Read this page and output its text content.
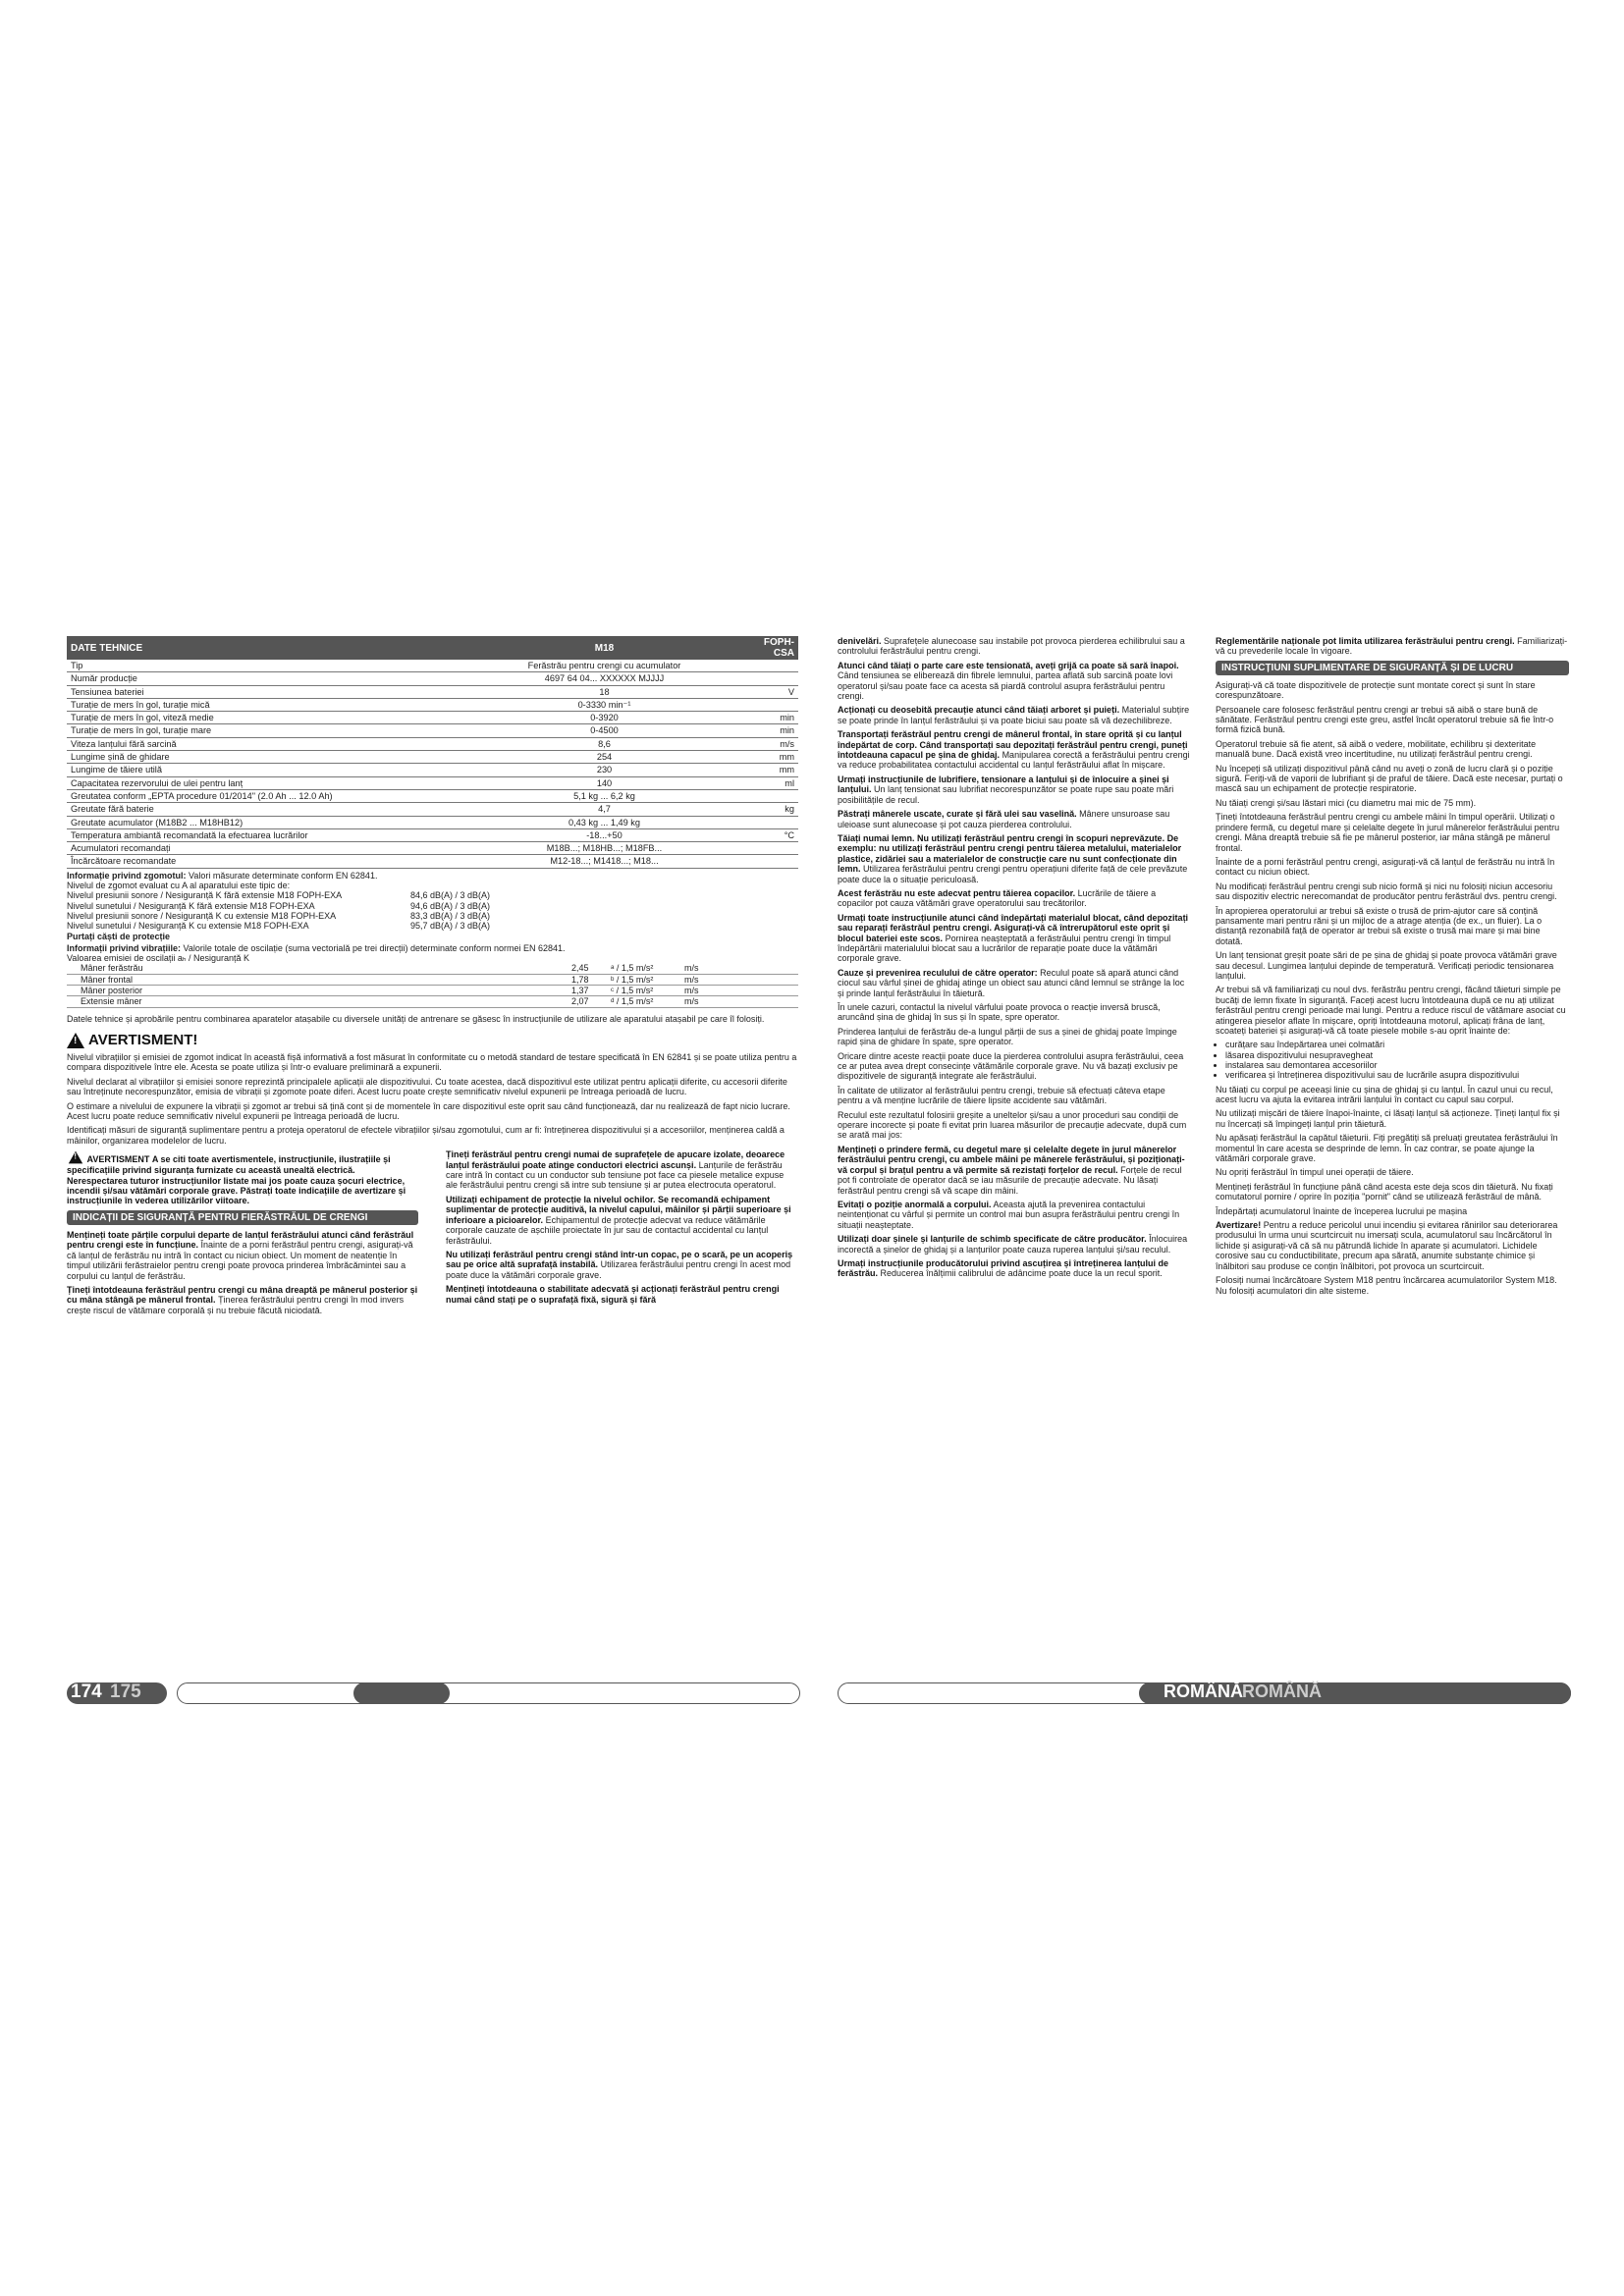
DATE TEHNICE	M18	FOPH-CSA
Tip	Ferăstrău pentru crengi cu acumulator	
Număr producție	4697 64 04... XXXXXX MJJJJ	
Tensiunea bateriei	18	V
Turație de mers în gol, turație mică	0-3330 min⁻¹	
Turație de mers în gol, viteză medie	0-3920	min
Turație de mers în gol, turație mare	0-4500	min
Viteza lanțului fără sarcină	8,6	m/s
Lungime șină de ghidare	254	mm
Lungime de tăiere utilă	230	mm
Capacitatea rezervorului de ulei pentru lanț	140	ml
Greutatea conform „EPTA procedure 01/2014" (2.0 Ah ... 12.0 Ah)	5,1 kg ... 6,2 kg	
Greutate fără baterie	4,7	kg
Greutate acumulator (M18B2 ... M18HB12)	0,43 kg ... 1,49 kg	
Temperatura ambiantă recomandată la efectuarea lucrărilor	-18...+50	°C
Acumulatori recomandați	M18B...; M18HB...; M18FB...	
Încărcătoare recomandate	M12-18...; M1418...; M18...	
Informație privind zgomotul: Valori măsurate determinate conform EN 62841.
Nivelul de zgomot evaluat cu A al aparatului este tipic de:
Nivelul presiunii sonore / Nesiguranță K fără extensie M18 FOPH-EXA	84,6 dB(A) / 3 dB(A)
Nivelul sunetului / Nesiguranță K fără extensie M18 FOPH-EXA	94,6 dB(A) / 3 dB(A)
Nivelul presiunii sonore / Nesiguranță K cu extensie M18 FOPH-EXA	83,3 dB(A) / 3 dB(A)
Nivelul sunetului / Nesiguranță K cu extensie M18 FOPH-EXA	95,7 dB(A) / 3 dB(A)
Purtați căști de protecție
Informații privind vibrațiile: Valorile totale de oscilație (suma vectorială pe trei direcții) determinate conform normei EN 62841.
Valoarea emisiei de oscilații aₕ / Nesiguranță K
Mâner ferăstrău	2,45	ᵃ / 1,5 m/s²	m/s
Mâner frontal	1,78	ᵇ / 1,5 m/s²	m/s
Mâner posterior	1,37	ᶜ / 1,5 m/s²	m/s
Extensie mâner	2,07	ᵈ / 1,5 m/s²	m/s

Datele tehnice și aprobările pentru combinarea aparatelor atașabile cu diversele unități de antrenare se găsesc în instrucțiunile de utilizare ale aparatului atașabil pe care îl folosiți.

!
AVERTISMENT!

Nivelul vibrațiilor și emisiei de zgomot indicat în această fișă informativă a fost măsurat în conformitate cu o metodă standard de testare specificată în EN 62841 și se poate utiliza pentru a compara dispozitivele între ele. Acesta se poate utiliza și într-o evaluare preliminară a expunerii.

Nivelul declarat al vibrațiilor și emisiei sonore reprezintă principalele aplicații ale dispozitivului. Cu toate acestea, dacă dispozitivul este utilizat pentru aplicații diferite, cu accesorii diferite sau întreținute necorespunzător, emisia de vibrații și zgomote poate diferi. Acest lucru poate crește semnificativ nivelul expunerii pe întreaga perioadă de lucru.

O estimare a nivelului de expunere la vibrații și zgomot ar trebui să țină cont și de momentele în care dispozitivul este oprit sau când funcționează, dar nu realizează de fapt nicio lucrare. Acest lucru poate reduce semnificativ nivelul expunerii pe întreaga perioadă de lucru.

Identificați măsuri de siguranță suplimentare pentru a proteja operatorul de efectele vibrațiilor și/sau zgomotului, cum ar fi: întreținerea dispozitivului și a accesoriilor, menținerea caldă a mâinilor, organizarea modelelor de lucru.

! AVERTISMENT A se citi toate avertismentele, instrucțiunile, ilustrațiile și specificațiile privind siguranța furnizate cu această unealtă electrică. Nerespectarea tuturor instrucțiunilor listate mai jos poate cauza șocuri electrice, incendii și/sau vătămări corporale grave. Păstrați toate indicațiile de avertizare și instrucțiunile în vederea utilizărilor viitoare.

INDICAȚII DE SIGURANȚĂ PENTRU FIERĂSTRĂUL DE CRENGI

Mențineți toate părțile corpului departe de lanțul ferăstrăului atunci când ferăstrăul pentru crengi este în funcțiune. Înainte de a porni ferăstrăul pentru crengi, asigurați-vă că lanțul de ferăstrău nu intră în contact cu niciun obiect. Un moment de neatenție în timpul utilizării ferăstraielor pentru crengi poate provoca prinderea îmbrăcămintei sau a corpului cu lanțul de ferăstrău.

Țineți întotdeauna ferăstrăul pentru crengi cu mâna dreaptă pe mânerul posterior și cu mâna stângă pe mânerul frontal. Ținerea ferăstrăului pentru crengi în mod invers crește riscul de vătămare corporală și nu trebuie făcută niciodată.

Țineți ferăstrăul pentru crengi numai de suprafețele de apucare izolate, deoarece lanțul ferăstrăului poate atinge conductori electrici ascunși. Lanțurile de ferăstrău care intră în contact cu un conductor sub tensiune pot face ca piesele metalice expuse ale ferăstrăului pentru crengi să intre sub tensiune și ar putea electrocuta operatorul.

Utilizați echipament de protecție la nivelul ochilor. Se recomandă echipament suplimentar de protecție auditivă, la nivelul capului, mâinilor și părții superioare și inferioare a picioarelor. Echipamentul de protecție adecvat va reduce vătămările corporale cauzate de așchiile proiectate în jur sau de contactul accidental cu lanțul ferăstrăului.

Nu utilizați ferăstrăul pentru crengi stând într-un copac, pe o scară, pe un acoperiș sau pe orice altă suprafață instabilă. Utilizarea ferăstrăului pentru crengi în acest mod poate duce la vătămări corporale grave.

Mențineți întotdeauna o stabilitate adecvată și acționați ferăstrăul pentru crengi numai când stați pe o suprafață fixă, sigură și fără

denivelări. Suprafețele alunecoase sau instabile pot provoca pierderea echilibrului sau a controlului ferăstrăului pentru crengi.

Atunci când tăiați o parte care este tensionată, aveți grijă ca poate să sară înapoi. Când tensiunea se eliberează din fibrele lemnului, partea aflată sub sarcină poate lovi operatorul și/sau poate face ca acesta să piardă controlul asupra ferăstrăului pentru crengi.

Acționați cu deosebită precauție atunci când tăiați arboret și puieți. Materialul subțire se poate prinde în lanțul ferăstrăului și va poate biciui sau poate să vă dezechilibreze.

Transportați ferăstrăul pentru crengi de mânerul frontal, în stare oprită și cu lanțul îndepărtat de corp. Când transportați sau depozitați ferăstrăul pentru crengi, puneți întotdeauna capacul pe șina de ghidaj. Manipularea corectă a ferăstrăului pentru crengi va reduce probabilitatea contactului accidental cu lanțul ferăstrăului aflat în mișcare.

Urmați instrucțiunile de lubrifiere, tensionare a lanțului și de înlocuire a șinei și lanțului. Un lanț tensionat sau lubrifiat necorespunzător se poate rupe sau poate mări posibilitățile de recul.

Păstrați mânerele uscate, curate și fără ulei sau vaselină. Mânere unsuroase sau uleioase sunt alunecoase și pot cauza pierderea controlului.

Tăiați numai lemn. Nu utilizați ferăstrăul pentru crengi în scopuri neprevăzute. De exemplu: nu utilizați ferăstrăul pentru crengi pentru tăierea metalului, materialelor plastice, zidăriei sau a materialelor de construcție care nu sunt confecționate din lemn. Utilizarea ferăstrăului pentru crengi pentru operațiuni diferite față de cele prevăzute poate duce la o situație periculoasă.

Acest ferăstrău nu este adecvat pentru tăierea copacilor. Lucrările de tăiere a copacilor pot cauza vătămări grave operatorului sau trecătorilor.

Urmați toate instrucțiunile atunci când îndepărtați materialul blocat, când depozitați sau reparați ferăstrăul pentru crengi. Asigurați-vă că întrerupătorul este oprit și blocul bateriei este scos. Pornirea neașteptată a ferăstrăului pentru crengi în timpul îndepărtării materialului blocat sau a lucrărilor de reparație poate duce la vătămări corporale grave.

Cauze și prevenirea reculului de către operator: Reculul poate să apară atunci când ciocul sau vârful șinei de ghidaj atinge un obiect sau atunci când lemnul se strânge la loc și prinde lanțul ferăstrăului în tăietură.

În unele cazuri, contactul la nivelul vârfului poate provoca o reacție inversă bruscă, aruncând șina de ghidaj în sus și în spate, spre operator.

Prinderea lanțului de ferăstrău de-a lungul părții de sus a șinei de ghidaj poate împinge rapid șina de ghidare în spate, spre operator.

Oricare dintre aceste reacții poate duce la pierderea controlului asupra ferăstrăului, ceea ce ar putea avea drept consecințe vătămările corporale grave. Nu vă bazați exclusiv pe dispozitivele de siguranță integrate ale ferăstrăului.

În calitate de utilizator al ferăstrăului pentru crengi, trebuie să efectuați câteva etape pentru a vă menține lucrările de tăiere lipsite accidente sau vătămări.

Reculul este rezultatul folosirii greșite a uneltelor și/sau a unor proceduri sau condiții de operare incorecte și poate fi evitat prin luarea măsurilor de precauție adecvate, după cum se arată mai jos:

Mențineți o prindere fermă, cu degetul mare și celelalte degete în jurul mânerelor ferăstrăului pentru crengi, cu ambele mâini pe mânerele ferăstrăului, și poziționați-vă corpul și brațul pentru a vă permite să rezistați forțelor de recul. Forțele de recul pot fi controlate de operator dacă se iau măsurile de precauție adecvate. Nu lăsați ferăstrăul pentru crengi să vă scape din mâini.

Evitați o poziție anormală a corpului. Aceasta ajută la prevenirea contactului neintenționat cu vârful și permite un control mai bun asupra ferăstrăului pentru crengi în situații neașteptate.

Utilizați doar șinele și lanțurile de schimb specificate de către producător. Înlocuirea incorectă a șinelor de ghidaj și a lanțurilor poate cauza ruperea lanțului și/sau reculul.

Urmați instrucțiunile producătorului privind ascuțirea și întreținerea lanțului de ferăstrău. Reducerea înălțimii calibrului de adâncime poate duce la un recul sporit.

Reglementările naționale pot limita utilizarea ferăstrăului pentru crengi. Familiarizați-vă cu prevederile locale în vigoare.

INSTRUCȚIUNI SUPLIMENTARE DE SIGURANȚĂ ȘI DE LUCRU

Asigurați-vă că toate dispozitivele de protecție sunt montate corect și sunt în stare corespunzătoare.

Persoanele care folosesc ferăstrăul pentru crengi ar trebui să aibă o stare bună de sănătate. Ferăstrăul pentru crengi este greu, astfel încât operatorul trebuie să fie într-o formă fizică bună.

Operatorul trebuie să fie atent, să aibă o vedere, mobilitate, echilibru și dexteritate manuală bune. Dacă există vreo incertitudine, nu utilizați ferăstrăul pentru crengi.

Nu începeți să utilizați dispozitivul până când nu aveți o zonă de lucru clară și o poziție sigură. Feriți-vă de vaporii de lubrifiant și de praful de tăiere. Dacă este necesar, purtați o mască sau un echipament de protecție respiratorie.

Nu tăiați crengi și/sau lăstari mici (cu diametru mai mic de 75 mm).

Țineți întotdeauna ferăstrăul pentru crengi cu ambele mâini în timpul operării. Utilizați o prindere fermă, cu degetul mare și celelalte degete în jurul mânerelor ferăstrăului pentru crengi. Mâna dreaptă trebuie să fie pe mânerul posterior, iar mâna stângă pe mânerul frontal.

Înainte de a porni ferăstrăul pentru crengi, asigurați-vă că lanțul de ferăstrău nu intră în contact cu niciun obiect.

Nu modificați ferăstrăul pentru crengi sub nicio formă și nici nu folosiți niciun accesoriu sau dispozitiv electric nerecomandat de producător pentru ferăstrăul dvs. pentru crengi.

În apropierea operatorului ar trebui să existe o trusă de prim-ajutor care să conțină pansamente mari pentru răni și un mijloc de a atrage atenția (de ex., un fluier). La o distanță rezonabilă față de operator ar trebui să existe o trusă mai mare și mai bine dotată.

Un lanț tensionat greșit poate sări de pe șina de ghidaj și poate provoca vătămări grave sau decesul. Lungimea lanțului depinde de temperatură. Verificați periodic tensionarea lanțului.

Ar trebui să vă familiarizați cu noul dvs. ferăstrău pentru crengi, făcând tăieturi simple pe bucăți de lemn fixate în siguranță. Faceți acest lucru întotdeauna după ce nu ați utilizat ferăstrăul pentru crengi perioade mai lungi. Pentru a reduce riscul de vătămare asociat cu atingerea pieselor aflate în mișcare, opriți întotdeauna motorul, aplicați frâna de lanț, scoateți bateriei și asigurați-vă că toate piesele mobile s-au oprit înainte de:

• curățare sau îndepărtarea unei colmatări
• lăsarea dispozitivului nesupravegheat
• instalarea sau demontarea accesoriilor
• verificarea și întreținerea dispozitivului sau de lucrările asupra dispozitivului

Nu tăiați cu corpul pe aceeași linie cu șina de ghidaj și cu lanțul. În cazul unui cu recul, acest lucru va ajuta la evitarea intrării lanțului în contact cu capul sau corpul.

Nu utilizați mișcări de tăiere înapoi-înainte, ci lăsați lanțul să acționeze. Țineți lanțul fix și nu încercați să împingeți lanțul prin tăietură.

Nu apăsați ferăstrăul la capătul tăieturii. Fiți pregătiți să preluați greutatea ferăstrăului în momentul în care acesta se desprinde de lemn. În caz contrar, se poate ajunge la vătămări corporale grave.

Nu opriți ferăstrăul în timpul unei operații de tăiere.

Mențineți ferăstrăul în funcțiune până când acesta este deja scos din tăietură. Nu fixați comutatorul pornire / oprire în poziția "pornit" când se utilizează ferăstrăul de mână.

Îndepărtați acumulatorul înainte de începerea lucrului pe mașina

Avertizare! Pentru a reduce pericolul unui incendiu și evitarea rănirilor sau deteriorarea produsului în urma unui scurtcircuit nu imersați scula, acumulatorul sau încărcătorul în lichide și asigurați-vă că să nu pătrundă lichide în aparate și acumulatori. Lichidele corosive sau cu conductibilitate, precum apa sărată, anumite substanțe chimice și înălbitori sau produse ce conțin înălbitori, pot provoca un scurtcircuit.

Folosiți numai încărcătoare System M18 pentru încărcarea acumulatorilor System M18. Nu folosiți acumulatori din alte sisteme.

174 175	ROMÂNĂ ROMÂNĂ
